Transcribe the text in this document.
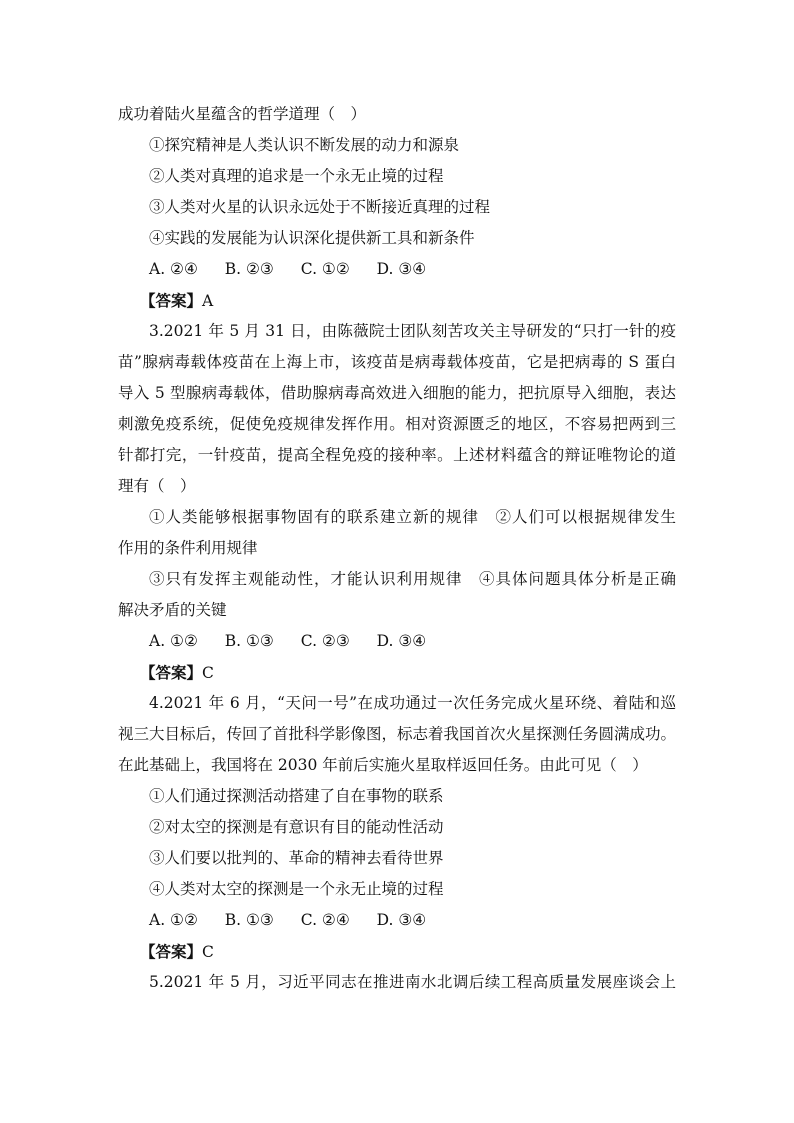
成功着陆火星蕴含的哲学道理（　）
①探究精神是人类认识不断发展的动力和源泉
②人类对真理的追求是一个永无止境的过程
③人类对火星的认识永远处于不断接近真理的过程
④实践的发展能为认识深化提供新工具和新条件
A. ②④ B. ②③ C. ①② D. ③④
【答案】A
3.2021 年 5 月 31 日，由陈薇院士团队刻苦攻关主导研发的“只打一针的疫
苗”腺病毒载体疫苗在上海上市，该疫苗是病毒载体疫苗，它是把病毒的 S 蛋白
导入 5 型腺病毒载体，借助腺病毒高效进入细胞的能力，把抗原导入细胞，表达
刺激免疫系统，促使免疫规律发挥作用。相对资源匮乏的地区，不容易把两到三
针都打完，一针疫苗，提高全程免疫的接种率。上述材料蕴含的辩证唯物论的道
理有（　）
①人类能够根据事物固有的联系建立新的规律　②人们可以根据规律发生
作用的条件利用规律
③只有发挥主观能动性，才能认识利用规律　④具体问题具体分析是正确
解决矛盾的关键
A. ①② B. ①③ C. ②③ D. ③④
【答案】C
4.2021 年 6 月，“天问一号”在成功通过一次任务完成火星环绕、着陆和巡
视三大目标后，传回了首批科学影像图，标志着我国首次火星探测任务圆满成功。
在此基础上，我国将在 2030 年前后实施火星取样返回任务。由此可见（　）
①人们通过探测活动搭建了自在事物的联系
②对太空的探测是有意识有目的能动性活动
③人们要以批判的、革命的精神去看待世界
④人类对太空的探测是一个永无止境的过程
A. ①② B. ①③ C. ②④ D. ③④
【答案】C
5.2021 年 5 月，习近平同志在推进南水北调后续工程高质量发展座谈会上
